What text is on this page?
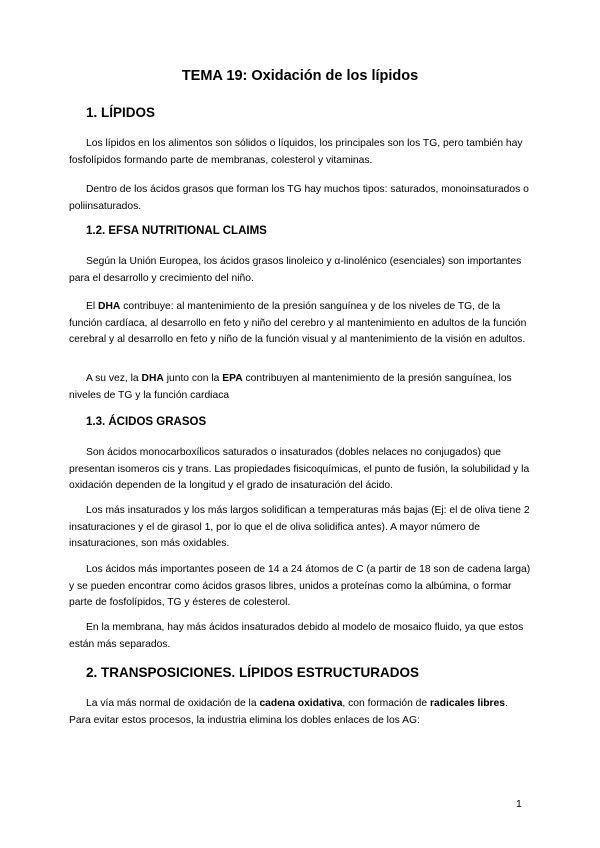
TEMA 19: Oxidación de los lípidos
1. LÍPIDOS

Los lípidos en los alimentos son sólidos o líquidos, los principales son los TG, pero también hay fosfolípidos formando parte de membranas, colesterol y vitaminas.

Dentro de los ácidos grasos que forman los TG hay muchos tipos: saturados, monoinsaturados o poliinsaturados.

1.2. EFSA NUTRITIONAL CLAIMS

Según la Unión Europea, los ácidos grasos linoleico y α-linolénico (esenciales) son importantes para el desarrollo y crecimiento del niño.

El DHA contribuye: al mantenimiento de la presión sanguínea y de los niveles de TG, de la función cardíaca, al desarrollo en feto y niño del cerebro y al mantenimiento en adultos de la función cerebral y al desarrollo en feto y niño de la función visual y al mantenimiento de la visión en adultos.

A su vez, la DHA junto con la EPA contribuyen al mantenimiento de la presión sanguínea, los niveles de TG y la función cardiaca

1.3. ÁCIDOS GRASOS

Son ácidos monocarboxílicos saturados o insaturados (dobles nelaces no conjugados) que presentan isomeros cis y trans. Las propiedades fisicoquímicas, el punto de fusión, la solubilidad y la oxidación dependen de la longitud y el grado de insaturación del ácido.

Los más insaturados y los más largos solidifican a temperaturas más bajas (Ej: el de oliva tiene 2 insaturaciones y el de girasol 1, por lo que el de oliva solidifica antes). A mayor número de insaturaciones, son más oxidables.

Los ácidos más importantes poseen de 14 a 24 átomos de C (a partir de 18 son de cadena larga) y se pueden encontrar como ácidos grasos libres, unidos a proteínas como la albúmina, o formar parte de fosfolípidos, TG y ésteres de colesterol.

En la membrana, hay más ácidos insaturados debido al modelo de mosaico fluido, ya que estos están más separados.

2. TRANSPOSICIONES. LÍPIDOS ESTRUCTURADOS

La vía más normal de oxidación de la cadena oxidativa, con formación de radicales libres. Para evitar estos procesos, la industria elimina los dobles enlaces de los AG:

1
